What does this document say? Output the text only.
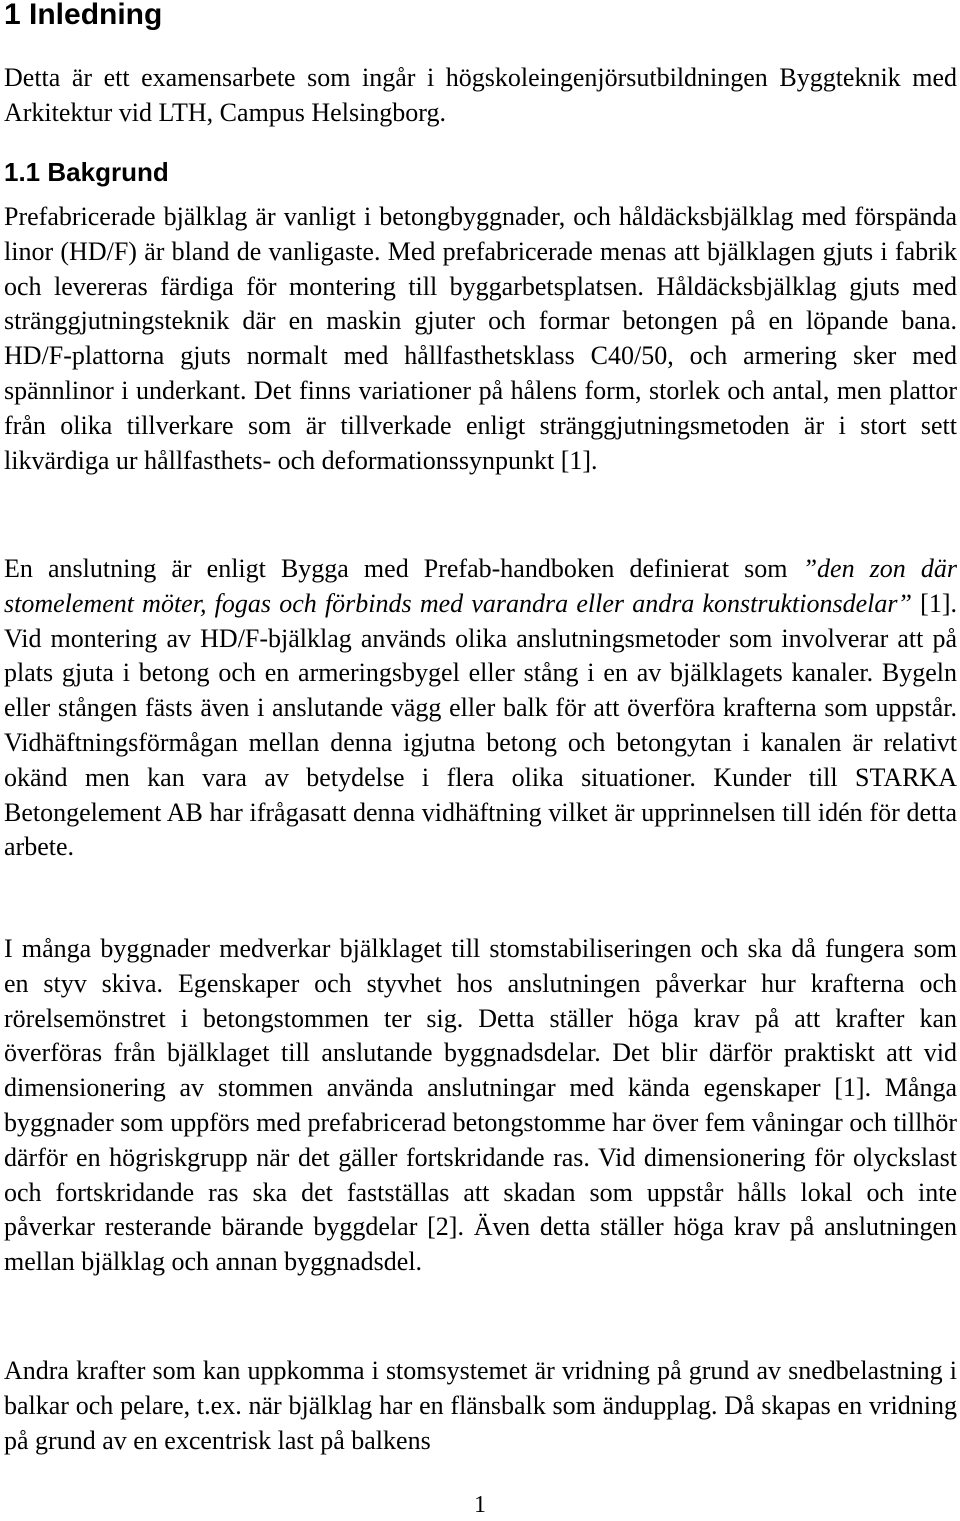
1 Inledning

Detta är ett examensarbete som ingår i högskoleingenjörsutbildningen Byggteknik med Arkitektur vid LTH, Campus Helsingborg.

1.1 Bakgrund

Prefabricerade bjälklag är vanligt i betongbyggnader, och håldäcksbjälklag med förspända linor (HD/F) är bland de vanligaste. Med prefabricerade menas att bjälklagen gjuts i fabrik och levereras färdiga för montering till byggarbetsplatsen. Håldäcksbjälklag gjuts med stränggjutningsteknik där en maskin gjuter och formar betongen på en löpande bana. HD/F-plattorna gjuts normalt med hållfasthetsklass C40/50, och armering sker med spännlinor i underkant. Det finns variationer på hålens form, storlek och antal, men plattor från olika tillverkare som är tillverkade enligt stränggjutningsmetoden är i stort sett likvärdiga ur hållfasthets- och deformationssynpunkt [1].

En anslutning är enligt Bygga med Prefab-handboken definierat som ”den zon där stomelement möter, fogas och förbinds med varandra eller andra konstruktionsdelar” [1]. Vid montering av HD/F-bjälklag används olika anslutningsmetoder som involverar att på plats gjuta i betong och en armeringsbygel eller stång i en av bjälklagets kanaler. Bygeln eller stången fästs även i anslutande vägg eller balk för att överföra krafterna som uppstår. Vidhäftningsförmågan mellan denna igjutna betong och betongytan i kanalen är relativt okänd men kan vara av betydelse i flera olika situationer. Kunder till STARKA Betongelement AB har ifrågasatt denna vidhäftning vilket är upprinnelsen till idén för detta arbete.

I många byggnader medverkar bjälklaget till stomstabiliseringen och ska då fungera som en styv skiva. Egenskaper och styvhet hos anslutningen påverkar hur krafterna och rörelsemönstret i betongstommen ter sig. Detta ställer höga krav på att krafter kan överföras från bjälklaget till anslutande byggnadsdelar. Det blir därför praktiskt att vid dimensionering av stommen använda anslutningar med kända egenskaper [1]. Många byggnader som uppförs med prefabricerad betongstomme har över fem våningar och tillhör därför en högriskgrupp när det gäller fortskridande ras. Vid dimensionering för olyckslast och fortskridande ras ska det fastställas att skadan som uppstår hålls lokal och inte påverkar resterande bärande byggdelar [2]. Även detta ställer höga krav på anslutningen mellan bjälklag och annan byggnadsdel.

Andra krafter som kan uppkomma i stomsystemet är vridning på grund av snedbelastning i balkar och pelare, t.ex. när bjälklag har en flänsbalk som ändupplag. Då skapas en vridning på grund av en excentrisk last på balkens

1
